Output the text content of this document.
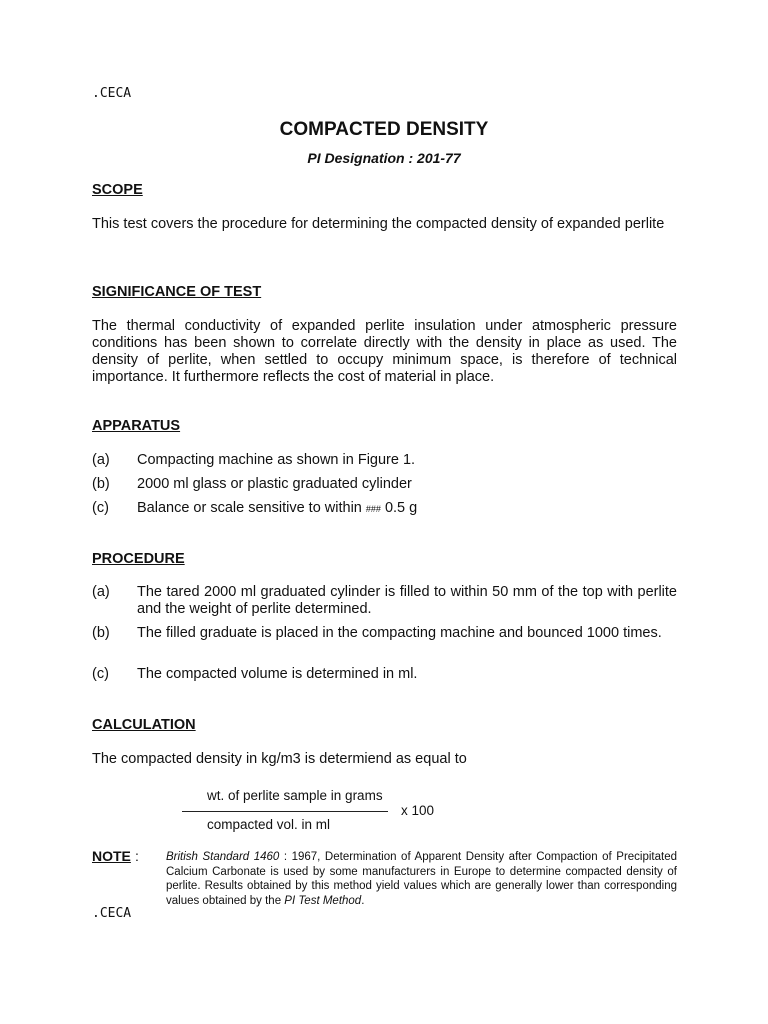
.CECA
COMPACTED DENSITY
PI Designation : 201-77
SCOPE
This test covers the procedure for determining the compacted density of expanded perlite
SIGNIFICANCE OF TEST
The thermal conductivity of expanded perlite insulation under atmospheric pressure conditions has been shown to correlate directly with the density in place as used. The density of perlite, when settled to occupy minimum space, is therefore of technical importance. It furthermore reflects the cost of material in place.
APPARATUS
(a) Compacting machine as shown in Figure 1.
(b) 2000 ml glass or plastic graduated cylinder
(c) Balance or scale sensitive to within ### 0.5 g
PROCEDURE
(a) The tared 2000 ml graduated cylinder is filled to within 50 mm of the top with perlite and the weight of perlite determined.
(b) The filled graduate is placed in the compacting machine and bounced 1000 times.
(c) The compacted volume is determined in ml.
CALCULATION
The compacted density in kg/m3 is determiend as equal to
wt. of perlite sample in grams
compacted vol. in ml
x 100
NOTE : British Standard 1460 : 1967, Determination of Apparent Density after Compaction of Precipitated Calcium Carbonate is used by some manufacturers in Europe to determine compacted density of perlite. Results obtained by this method yield values which are generally lower than corresponding values obtained by the PI Test Method.
.CECA
